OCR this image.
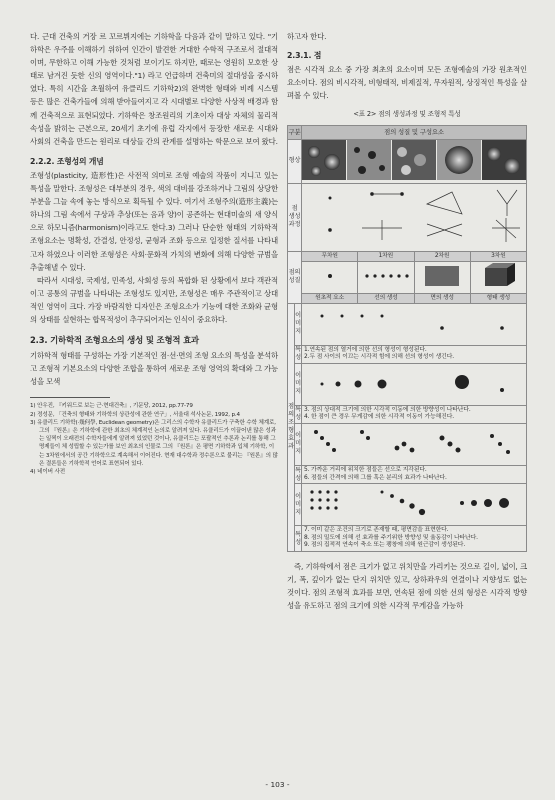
다. 근대 건축의 거장 르 꼬르뷔지에는 기하학을 다음과 같이 말하고 있다. "기하학은 우주를 이해하기 위하여 인간이 발견한 거대한 수학적 구조로서 절대적이며, 무한하고 이해 가능한 것처럼 보이기도 하지만, 때로는 영원히 모호한 상태로 남겨진 듯한 신의 영역이다."1) 라고 언급하며 건축미의 절대성을 중시하였다. 특히 시간을 초월하여 유클리드 기하학2)의 완벽한 형태와 비례 시스템 등은 많은 건축가들에 의해 받아들여지고 각 시대별로 다양한 사상적 배경과 함께 건축적으로 표현되었다. 기하학은 창조원리의 기초이자 대상 자체의 물리적 속성을 밝히는 근본으로, 20세기 초기에 유럽 각지에서 등장한 새로운 시대와 사회의 건축을 만드는 원리로 대상들 간의 관계를 설명하는 학문으로 보여 왔다.

2.2.2. 조형성의 개념

조형성(plasticity, 造形性)은 사전적 의미로 조형 예술의 작품이 지니고 있는 특성을 말한다. 조형성은 대부분의 경우, 색의 대비를 강조하거나 그림의 상당한 부분을 그늘 속에 놓는 방식으로 획득될 수 있다. 여기서 조형주의(造形主義)는 하나의 그림 속에서 구상과 추상(또는 음과 양)이 공존하는 현대미술의 새 양식으로 하모니즘(harmonism)이라고도 한다.3) 그러나 단순한 형태의 기하학적 조형요소는 명확성, 간결성, 안정성, 균형과 조화 등으로 일정한 질서를 나타내고자 하였으나 이러한 조형성은 사회·문화적 가치의 변화에 의해 다양한 규범을 추출해낼 수 있다.

따라서 시대성, 국제성, 민족성, 사회성 등의 복합화 된 상황에서 보다 객관적이고 공통의 규범을 나타내는 조형성도 있지만, 조형성은 매우 주관적이고 상대적인 영역이 크다. 가장 바람직한 디자인은 조형요소가 기능에 대한 조화와 균형의 상태를 실현하는 합목적성이 추구되어지는 인식이 중요하다.

2.3. 기하학적 조형요소의 생성 및 조형적 효과

기하학적 형태를 구성하는 가장 기본적인 점·선·면의 조형 요소의 특성을 분석하고 조형적 기본요소의 다양한 조합을 통하여 새로운 조형 영역의 확대와 그 가능성을 모색

1) 안우진, 『키워드로 보는 근·현대건축』, 기문당, 2012, pp.77-79

2) 정성문, 「건축의 형태와 기하학의 상관성에 관한 연구」, 서울대 석사논문, 1992, p.4

3) 유클리드 기하학(·幾何學, Euclidean geometry)은 그리스의 수학자 유클리드가 구축한 수학 체계로, 그의 『원론』은 기하학에 관한 최초의 체계적인 논의로 알려져 있다. 유클리드가 이끌어낸 많은 성과는 일찍이 오래전의 수학자들에게 알려져 있었던 것이나, 유클리드는 포괄적인 추론과 논리를 통해 그 명제들이 체 성립할 수 있는가를 보인 최초의 인물로 그의 『원론』은 평면 기하학과 입체 기하학, 이는 3차원에서의 공간 기하학으로 계속해서 이어진다. 현재 대수학과 정수론으로 불리는 『원론』의 많은 결론들은 기하학적 언어로 표현되어 있다.

4) 네이버 사전

하고자 한다.

2.3.1. 점

점은 시각적 요소 중 가장 최초의 요소이며 모든 조형예술의 가장 원초적인 요소이다. 점의 비시각적, 비형태적, 비제질적, 무자원적, 상징적인 특성을 살펴볼 수 있다.

<표 2> 점의 생성과정 및 조형적 특성
구분		점의 성질 및 구성요소			
형상	
점 생성과정	
점의 성질		무차원	1차원	2차원	3차원

		원초적 요소	선의 생성	면의 생성	형태 생성
점의 조형 효과	이미지	
	특성	1.연속된 점의 열거에 의한 선의 형성이 형성된다.
2.두 점 사이의 이끄는 시각적 힘에 의해 선의 형성이 생긴다.			

	이미지	
	특성	3. 점의 상대적 크기에 의한 시각적 이동에 의한 방향성이 나타난다.
4. 한 점이 큰 경우 무게감에 의한 시각적 이동이 가능해진다.			

	이미지	
	특성	5. 가까운 거리에 위치한 점들은 선으로 지각된다.
6. 점들의 간격에 의해 그룹 혹은 분리의 효과가 나타난다.			

	이미지	
	특성	7. 이미 같은 조건의 크기로 존재할 때, 평면감을 표현한다.
8. 점의 밀도에 의해 선 효과를 주기위한 방향성 및 율동감이 나타난다.
9. 점의 집적적 연속이 축소 또는 팽창에 의해 원근감이 생성된다.			

즉, 기하학에서 점은 크기가 없고 위치만을 가리키는 것으로 길이, 넓이, 크기, 폭, 깊이가 없는 단지 위치만 있고, 상하좌우의 연결이나 지향성도 없는 것이다. 점의 조형적 효과를 보면, 연속된 점에 의한 선의 형성은 시각적 방향성을 유도하고 점의 크기에 의한 시각적 무게감을 가능하

- 103 -
